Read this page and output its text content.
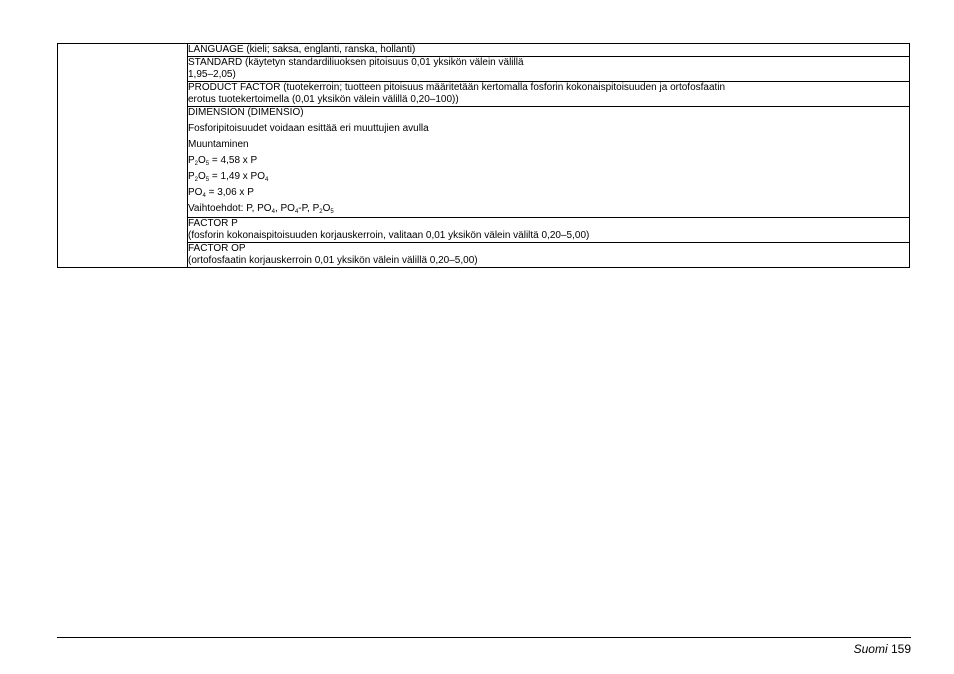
	LANGUAGE (kieli; saksa, englanti, ranska, hollanti)

STANDARD (käytetyn standardiliuoksen pitoisuus 0,01 yksikön välein välillä
1,95–2,05)

PRODUCT FACTOR (tuotekerroin; tuotteen pitoisuus määritetään kertomalla fosforin kokonaispitoisuuden ja ortofosfaatin
erotus tuotekertoimella (0,01 yksikön välein välillä 0,20–100))

DIMENSION (DIMENSIO)
Fosforipitoisuudet voidaan esittää eri muuttujien avulla
Muuntaminen
$P_2O_5 = 4,58$ x P
$P_2O_5 = 1,49$ x $PO_4$
$PO_4 = 3,06$ x P
Vaihtoehdot: P, $PO_4$, $PO_4-P$, $P_2O_5$

FACTOR P
(fosforin kokonaispitoisuuden korjauskerroin, valitaan 0,01 yksikön välein väliltä 0,20–5,00)

FACTOR OP
(ortofosfaatin korjauskerroin 0,01 yksikön välein välillä 0,20–5,00)
Suomi 159
